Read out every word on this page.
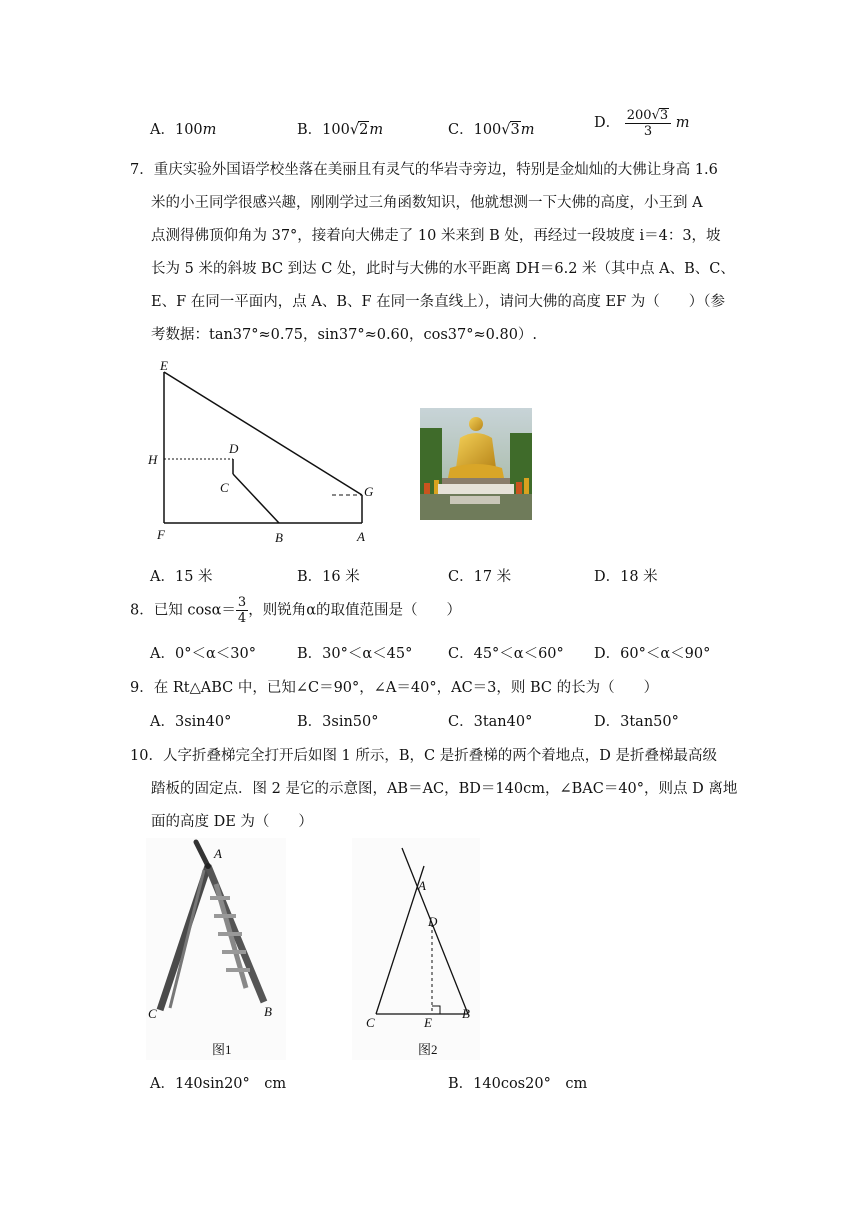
A．100m	B．100√2m	C．100√3m	D． $\frac{200√3}{3}$ m
7．重庆实验外国语学校坐落在美丽且有灵气的华岩寺旁边，特别是金灿灿的大佛让身高 1.6
米的小王同学很感兴趣，刚刚学过三角函数知识，他就想测一下大佛的高度，小王到 A
点测得佛顶仰角为 37°，接着向大佛走了 10 米来到 B 处，再经过一段坡度 i＝4：3，坡
长为 5 米的斜坡 BC 到达 C 处，此时与大佛的水平距离 DH＝6.2 米（其中点 A、B、C、
E、F 在同一平面内，点 A、B、F 在同一条直线上），请问大佛的高度 EF 为（　　）（参
考数据：tan37°≈0.75，sin37°≈0.60，cos37°≈0.80）.
E
H
D
C	G
F	B	A
A．15 米	B．16 米	C．17 米	D．18 米
8．已知 $\cos\alpha= \frac{3}{4}$ ，则锐角α的取值范围是（　　）
A．0°＜α＜30°	B．30°＜α＜45° C．45°＜α＜60° D．60°＜α＜90°
9．在 Rt△ABC 中，已知∠C＝90°，∠A＝40°，AC＝3，则 BC 的长为（　　）
A．3sin40°	B．3sin50°	C．3tan40°	D．3tan50°
10．人字折叠梯完全打开后如图 1 所示，B，C 是折叠梯的两个着地点，D 是折叠梯最高级
踏板的固定点．图 2 是它的示意图，AB＝AC，BD＝140cm，∠BAC＝40°，则点 D 离地
面的高度 DE 为（　　）
A
C	B
图1
A
D
C	E
B
图2
A．140sin20°　cm	B．140cos20°　cm
